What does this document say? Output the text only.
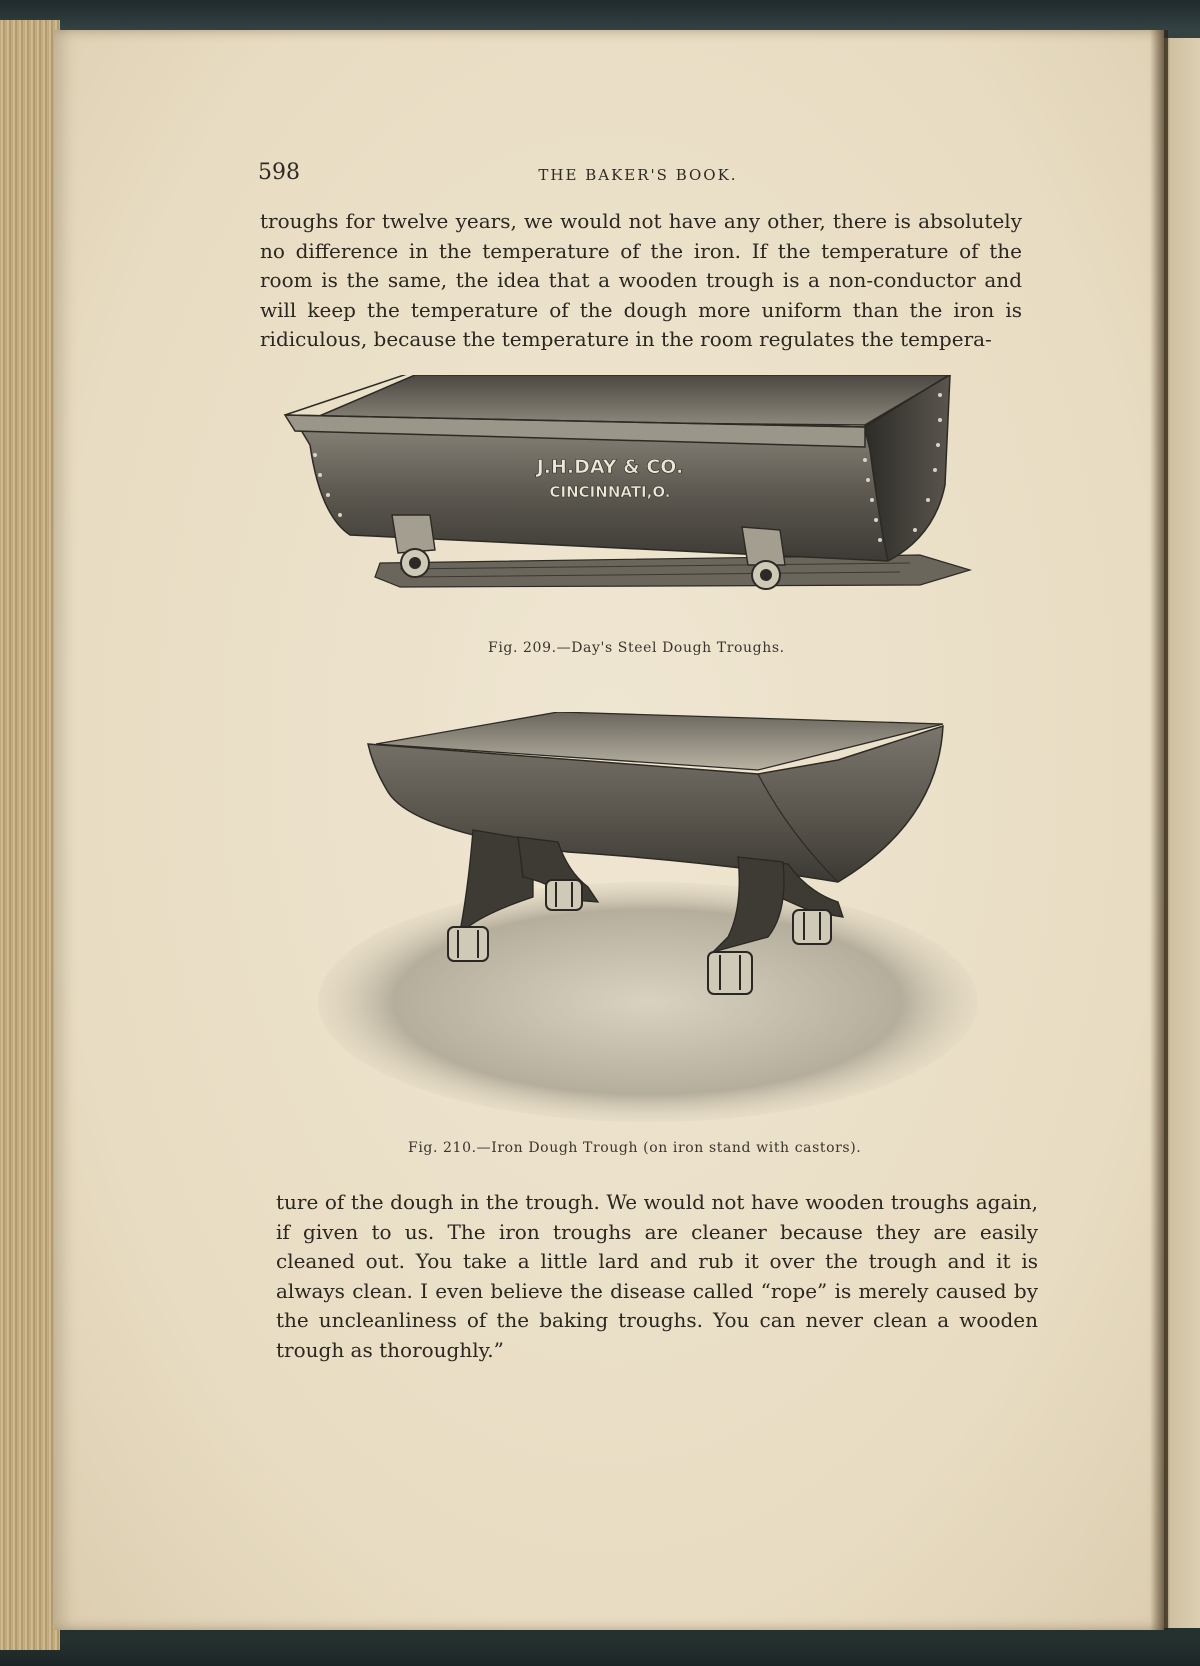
598	THE BAKER'S BOOK.

troughs for twelve years, we would not have any other, there is absolutely no difference in the temperature of the iron. If the temperature of the room is the same, the idea that a wooden trough is a non-conductor and will keep the temperature of the dough more uniform than the iron is ridiculous, because the temperature in the room regulates the tempera-

J.H.DAY & CO.
CINCINNATI,O.
Fig. 209.—Day's Steel Dough Troughs.
Fig. 210.—Iron Dough Trough (on iron stand with castors).

ture of the dough in the trough. We would not have wooden troughs again, if given to us. The iron troughs are cleaner because they are easily cleaned out. You take a little lard and rub it over the trough and it is always clean. I even believe the disease called “rope” is merely caused by the uncleanliness of the baking troughs. You can never clean a wooden trough as thoroughly.”
